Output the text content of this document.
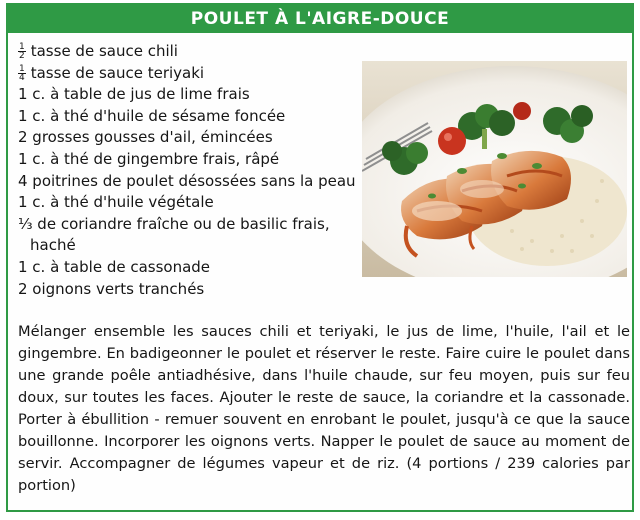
POULET À L'AIGRE-DOUCE
$\frac{1}{2}$ tasse de sauce chili
$\frac{1}{4}$ tasse de sauce teriyaki
1 c. à table de jus de lime frais
1 c. à thé d'huile de sésame foncée
2 grosses gousses d'ail, émincées
1 c. à thé de gingembre frais, râpé
4 poitrines de poulet désossées sans la peau
1 c. à thé d'huile végétale
⅓ de coriandre fraîche ou de basilic frais,
haché
1 c. à table de cassonade
2 oignons verts tranchés

Mélanger ensemble les sauces chili et teriyaki, le jus de lime, l'huile, l'ail et le gingembre. En badigeonner le poulet et réserver le reste. Faire cuire le poulet dans une grande poêle antiadhésive, dans l'huile chaude, sur feu moyen, puis sur feu doux, sur toutes les faces. Ajouter le reste de sauce, la coriandre et la cassonade. Porter à ébullition - remuer souvent en enrobant le poulet, jusqu'à ce que la sauce bouillonne. Incorporer les oignons verts. Napper le poulet de sauce au moment de servir. Accompagner de légumes vapeur et de riz. (4 portions / 239 calories par portion)
